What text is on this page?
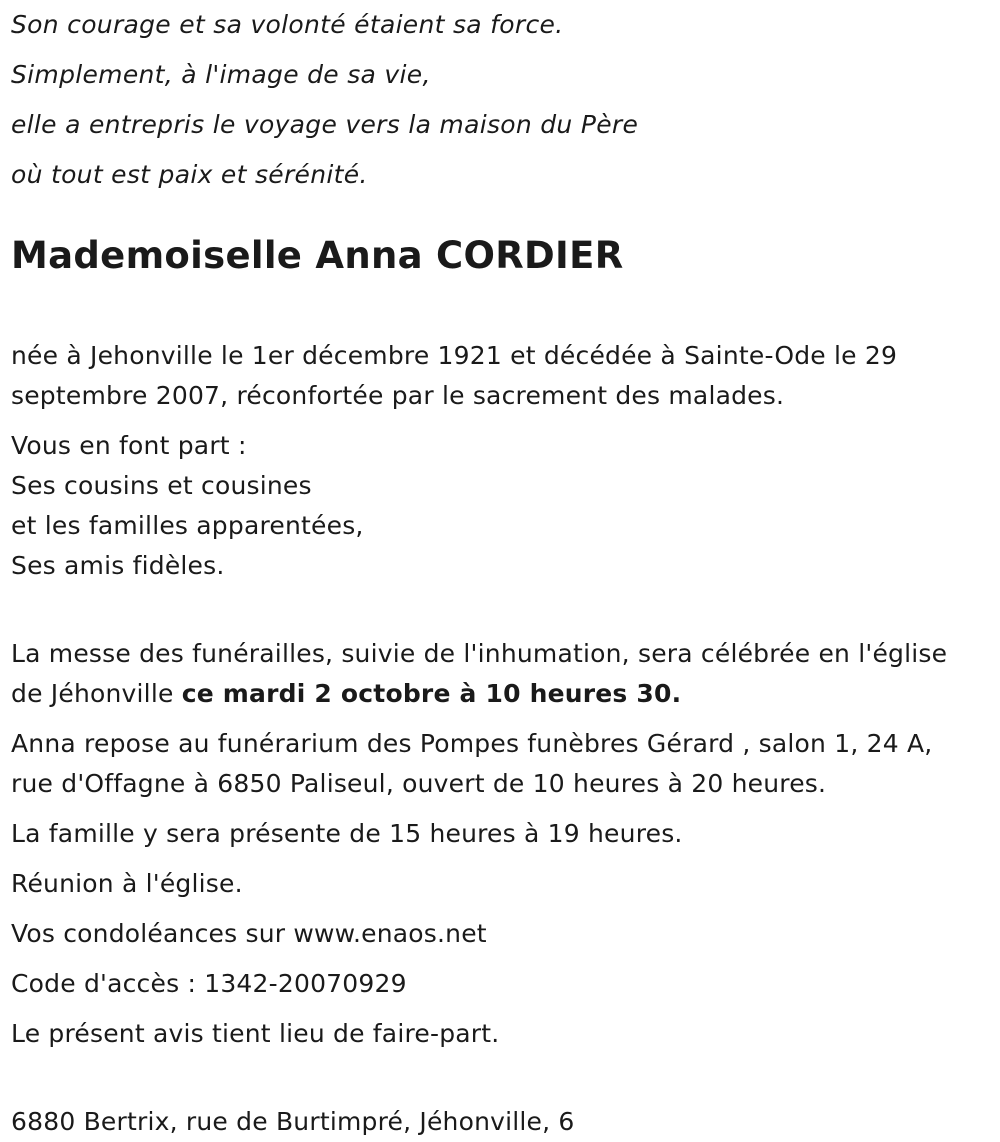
Son courage et sa volonté étaient sa force.

Simplement, à l'image de sa vie,

elle a entrepris le voyage vers la maison du Père

où tout est paix et sérénité.

Mademoiselle Anna CORDIER

née à Jehonville le 1er décembre 1921 et décédée à Sainte-Ode le 29
septembre 2007, réconfortée par le sacrement des malades.

Vous en font part :
Ses cousins et cousines
et les familles apparentées,
Ses amis fidèles.

La messe des funérailles, suivie de l'inhumation, sera célébrée en l'église
de Jéhonville ce mardi 2 octobre à 10 heures 30.

Anna repose au funérarium des Pompes funèbres Gérard , salon 1, 24 A,
rue d'Offagne à 6850 Paliseul, ouvert de 10 heures à 20 heures.

La famille y sera présente de 15 heures à 19 heures.

Réunion à l'église.

Vos condoléances sur www.enaos.net

Code d'accès : 1342-20070929

Le présent avis tient lieu de faire-part.

6880 Bertrix, rue de Burtimpré, Jéhonville, 6
